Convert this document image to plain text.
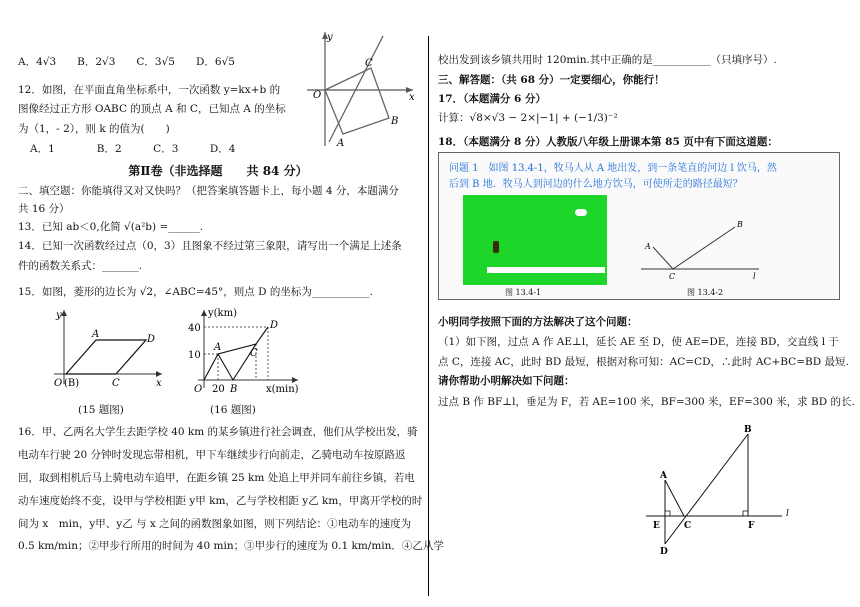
A．4√3　　B．2√3　　C．3√5　　D．6√5
12．如图，在平面直角坐标系中，一次函数 y=kx+b 的
图像经过正方形 OABC 的顶点 A 和 C，已知点 A 的坐标
为（1，- 2），则 k 的值为(　　)
A．1　　　　B．2　　　C．3　　　D．4
y
x
O
A
B
C
第Ⅱ卷（非选择题　　共 84 分）
二、填空题：你能填得又对又快吗？（把答案填答题卡上，每小题 4 分，本题满分
共 16 分）
13．已知 ab＜0,化简 √(a²b) =______.
14．已知一次函数经过点（0，3）且图象不经过第三象限，请写出一个满足上述条
件的函数关系式：_______.
15．如图，菱形的边长为 √2，∠ABC=45°，则点 D 的坐标为___________.
y
x
O (B)	C
A	D
y(km)
40
10
20	x(min)
A
B
C
D
O
(15 题图)	(16 题图)
16．甲、乙两名大学生去距学校 40 km 的某乡镇进行社会调查，他们从学校出发，骑
电动车行驶 20 分钟时发现忘带相机，甲下车继续步行向前走，乙骑电动车按原路返
回，取到相机后马上骑电动车追甲，在距乡镇 25 km 处追上甲并同车前往乡镇，若电
动车速度始终不变，设甲与学校相距 y甲 km，乙与学校相距 y乙 km，甲离开学校的时
间为 x　min，y甲、y乙 与 x 之间的函数图象如图，则下列结论：①电动车的速度为
0.5 km/min；②甲步行所用的时间为 40 min；③甲步行的速度为 0.1 km/min．④乙从学
校出发到该乡镇共用时 120min.其中正确的是___________（只填序号）.
三、解答题：（共 68 分）一定要细心，你能行！
17．（本题满分 6 分）
计算：√8×√3 − 2×|−1| + (−1/3)⁻²
18．（本题满分 8 分）人教版八年级上册课本第 85 页中有下面这道题：
问题 1　如图 13.4-1，牧马人从 A 地出发，到一条笔直的河边 l 饮马，然
后到 B 地．牧马人到河边的什么地方饮马，可使所走的路径最短？
A
B
C	l
图 13.4-1	图 13.4-2
小明同学按照下面的方法解决了这个问题：
（1）如下图，过点 A 作 AE⊥l，延长 AE 至 D，使 AE=DE，连接 BD，交直线 l 于
点 C，连接 AC，此时 BD 最短，根据对称可知：AC=CD，∴此时 AC+BC=BD 最短.
请你帮助小明解决如下问题：
过点 B 作 BF⊥l，垂足为 F，若 AE=100 米，BF=300 米，EF=300 米，求 BD 的长.
A
B
C
D
E	F
l
